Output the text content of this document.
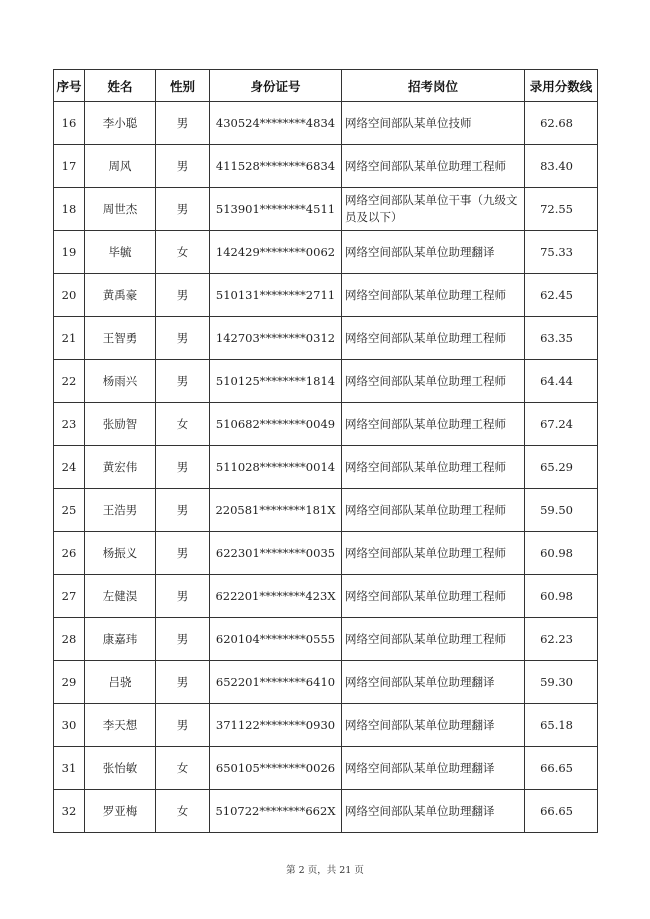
序号	姓名	性别	身份证号	招考岗位	录用分数线
16	李小聪	男	430524********4834	网络空间部队某单位技师	62.68
17	周风	男	411528********6834	网络空间部队某单位助理工程师	83.40
18	周世杰	男	513901********4511	网络空间部队某单位干事（九级文员及以下）	72.55
19	毕毓	女	142429********0062	网络空间部队某单位助理翻译	75.33
20	黄禹豪	男	510131********2711	网络空间部队某单位助理工程师	62.45
21	王智勇	男	142703********0312	网络空间部队某单位助理工程师	63.35
22	杨雨兴	男	510125********1814	网络空间部队某单位助理工程师	64.44
23	张励智	女	510682********0049	网络空间部队某单位助理工程师	67.24
24	黄宏伟	男	511028********0014	网络空间部队某单位助理工程师	65.29
25	王浩男	男	220581********181X	网络空间部队某单位助理工程师	59.50
26	杨振义	男	622301********0035	网络空间部队某单位助理工程师	60.98
27	左健淏	男	622201********423X	网络空间部队某单位助理工程师	60.98
28	康嘉玮	男	620104********0555	网络空间部队某单位助理工程师	62.23
29	吕骁	男	652201********6410	网络空间部队某单位助理翻译	59.30
30	李天想	男	371122********0930	网络空间部队某单位助理翻译	65.18
31	张怡敏	女	650105********0026	网络空间部队某单位助理翻译	66.65
32	罗亚梅	女	510722********662X	网络空间部队某单位助理翻译	66.65
第 2 页，共 21 页
